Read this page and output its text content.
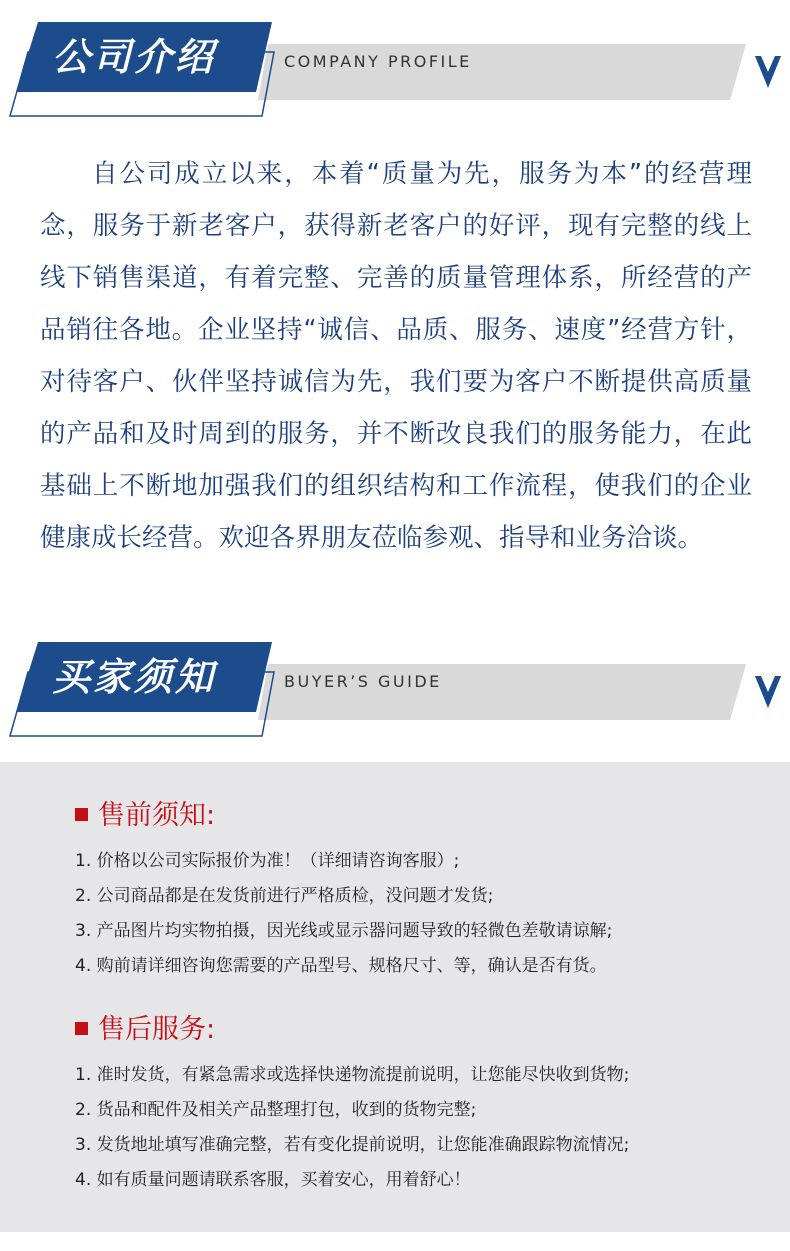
公司介绍	COMPANY PROFILE

自公司成立以来，本着“质量为先，服务为本”的经营理念，服务于新老客户，获得新老客户的好评，现有完整的线上线下销售渠道，有着完整、完善的质量管理体系，所经营的产品销往各地。企业坚持“诚信、品质、服务、速度”经营方针，对待客户、伙伴坚持诚信为先，我们要为客户不断提供高质量的产品和及时周到的服务，并不断改良我们的服务能力，在此基础上不断地加强我们的组织结构和工作流程，使我们的企业健康成长经营。欢迎各界朋友莅临参观、指导和业务洽谈。

买家须知	BUYER’S GUIDE
售前须知:
1. 价格以公司实际报价为准！（详细请咨询客服）;
2. 公司商品都是在发货前进行严格质检，没问题才发货;
3. 产品图片均实物拍摄，因光线或显示器问题导致的轻微色差敬请谅解;
4. 购前请详细咨询您需要的产品型号、规格尺寸、等，确认是否有货。
售后服务:
1. 准时发货，有紧急需求或选择快递物流提前说明，让您能尽快收到货物;
2. 货品和配件及相关产品整理打包，收到的货物完整;
3. 发货地址填写准确完整，若有变化提前说明，让您能准确跟踪物流情况;
4. 如有质量问题请联系客服，买着安心，用着舒心！
